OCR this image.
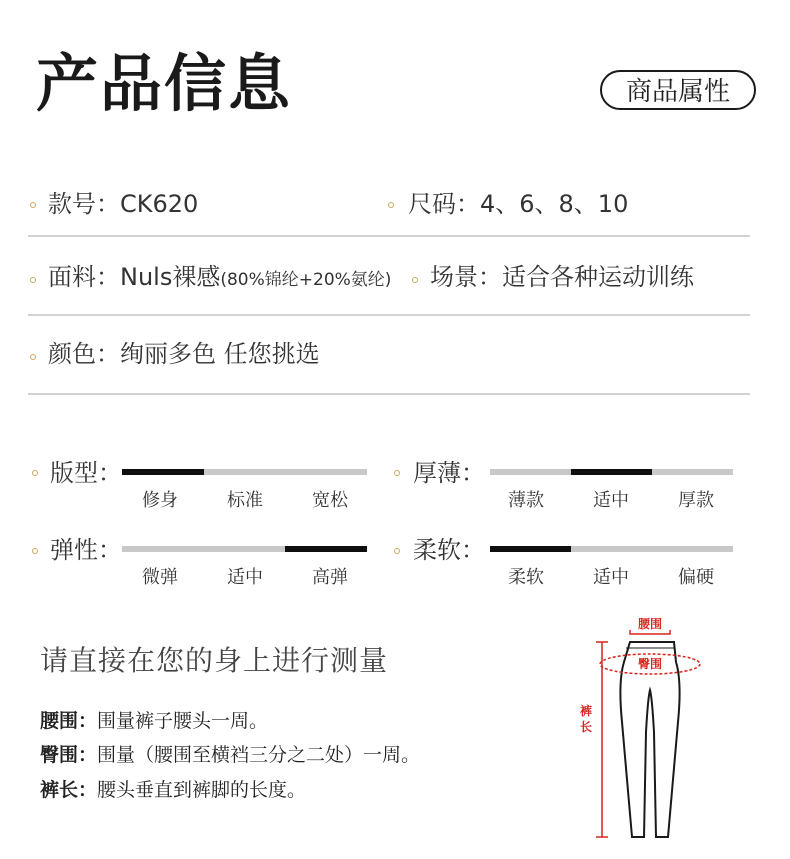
产品信息	商品属性
款号：CK620	尺码：4、6、8、10
面料：Nuls裸感(80%锦纶+20%氨纶) 场景：适合各种运动训练
颜色：绚丽多色 任您挑选
版型：
修身	标准	宽松
厚薄：
薄款	适中	厚款
弹性：
微弹	适中	高弹
柔软：
柔软	适中	偏硬
请直接在您的身上进行测量
腰围：围量裤子腰头一周。
臀围：围量（腰围至横裆三分之二处）一周。
裤长：腰头垂直到裤脚的长度。
腰围
臀围
裤
长
